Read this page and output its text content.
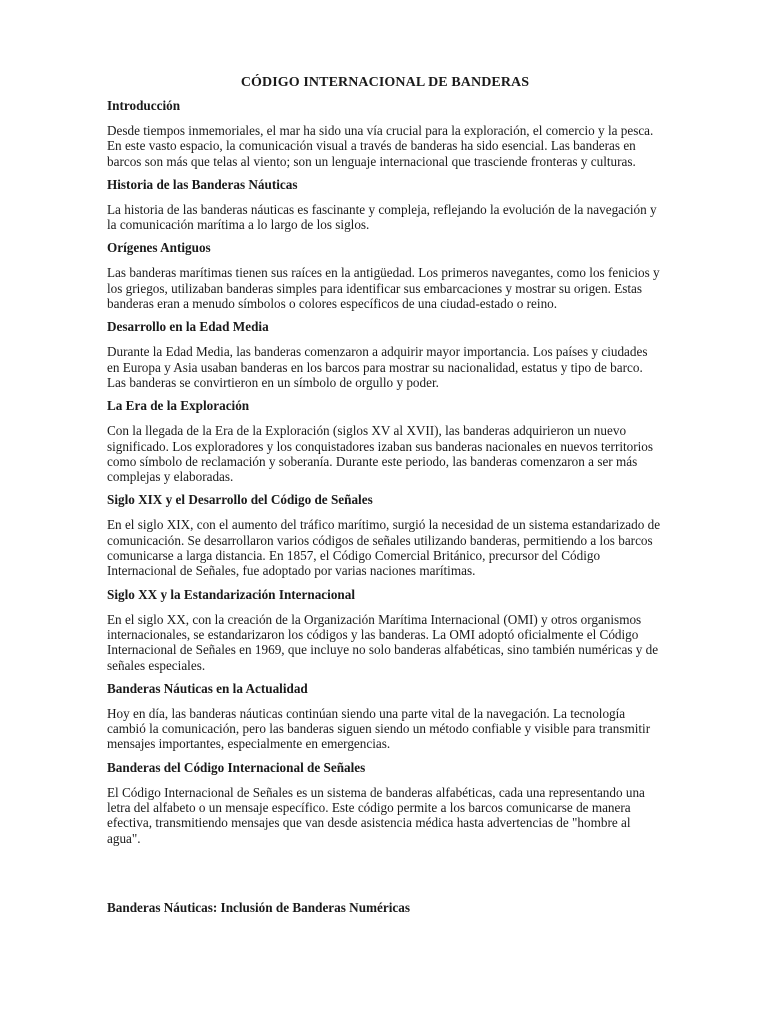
CÓDIGO INTERNACIONAL DE BANDERAS
Introducción

Desde tiempos inmemoriales, el mar ha sido una vía crucial para la exploración, el comercio y la pesca. En este vasto espacio, la comunicación visual a través de banderas ha sido esencial. Las banderas en barcos son más que telas al viento; son un lenguaje internacional que trasciende fronteras y culturas.

Historia de las Banderas Náuticas

La historia de las banderas náuticas es fascinante y compleja, reflejando la evolución de la navegación y la comunicación marítima a lo largo de los siglos.

Orígenes Antiguos

Las banderas marítimas tienen sus raíces en la antigüedad. Los primeros navegantes, como los fenicios y los griegos, utilizaban banderas simples para identificar sus embarcaciones y mostrar su origen. Estas banderas eran a menudo símbolos o colores específicos de una ciudad-estado o reino.

Desarrollo en la Edad Media

Durante la Edad Media, las banderas comenzaron a adquirir mayor importancia. Los países y ciudades en Europa y Asia usaban banderas en los barcos para mostrar su nacionalidad, estatus y tipo de barco. Las banderas se convirtieron en un símbolo de orgullo y poder.

La Era de la Exploración

Con la llegada de la Era de la Exploración (siglos XV al XVII), las banderas adquirieron un nuevo significado. Los exploradores y los conquistadores izaban sus banderas nacionales en nuevos territorios como símbolo de reclamación y soberanía. Durante este periodo, las banderas comenzaron a ser más complejas y elaboradas.

Siglo XIX y el Desarrollo del Código de Señales

En el siglo XIX, con el aumento del tráfico marítimo, surgió la necesidad de un sistema estandarizado de comunicación. Se desarrollaron varios códigos de señales utilizando banderas, permitiendo a los barcos comunicarse a larga distancia. En 1857, el Código Comercial Británico, precursor del Código Internacional de Señales, fue adoptado por varias naciones marítimas.

Siglo XX y la Estandarización Internacional

En el siglo XX, con la creación de la Organización Marítima Internacional (OMI) y otros organismos internacionales, se estandarizaron los códigos y las banderas. La OMI adoptó oficialmente el Código Internacional de Señales en 1969, que incluye no solo banderas alfabéticas, sino también numéricas y de señales especiales.

Banderas Náuticas en la Actualidad

Hoy en día, las banderas náuticas continúan siendo una parte vital de la navegación. La tecnología cambió la comunicación, pero las banderas siguen siendo un método confiable y visible para transmitir mensajes importantes, especialmente en emergencias.

Banderas del Código Internacional de Señales

El Código Internacional de Señales es un sistema de banderas alfabéticas, cada una representando una letra del alfabeto o un mensaje específico. Este código permite a los barcos comunicarse de manera efectiva, transmitiendo mensajes que van desde asistencia médica hasta advertencias de "hombre al agua".

Banderas Náuticas: Inclusión de Banderas Numéricas
